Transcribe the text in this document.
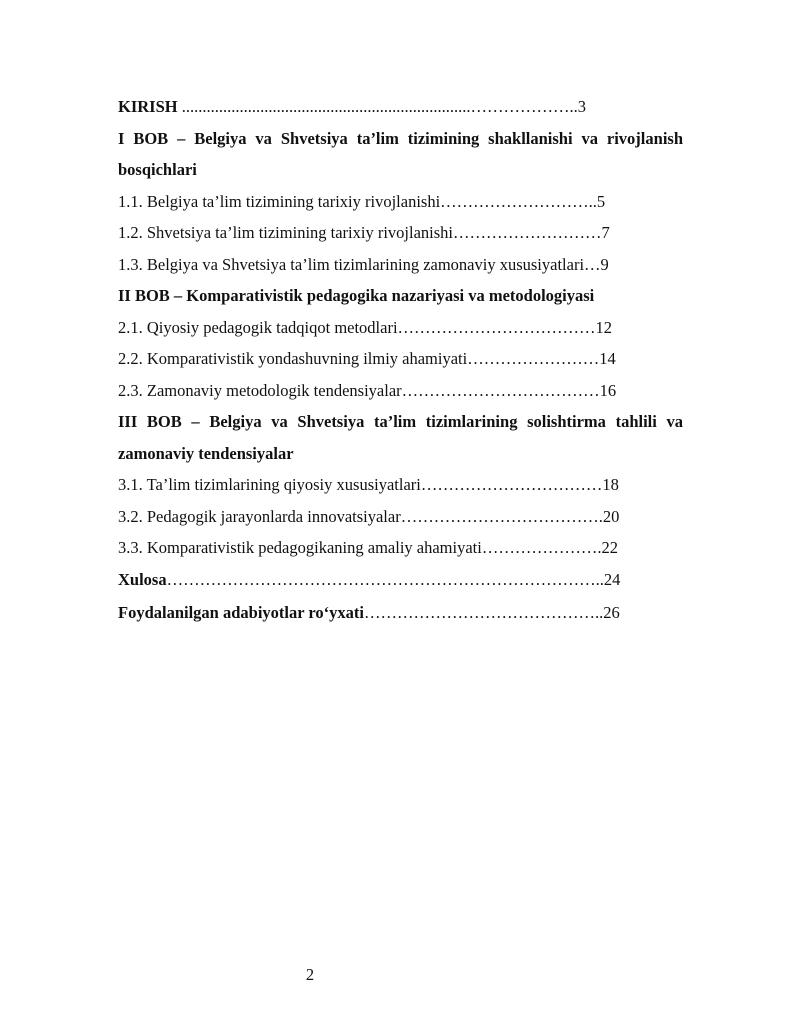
KIRISH ......................................................................………………..3
I BOB – Belgiya va Shvetsiya ta’lim tizimining shakllanishi va rivojlanish bosqichlari
1.1. Belgiya ta’lim tizimining tarixiy rivojlanishi………………………..5
1.2. Shvetsiya ta’lim tizimining tarixiy rivojlanishi………………………7
1.3. Belgiya va Shvetsiya ta’lim tizimlarining zamonaviy xususiyatlari…9
II BOB – Komparativistik pedagogika nazariyasi va metodologiyasi
2.1. Qiyosiy pedagogik tadqiqot metodlari………………………………12
2.2. Komparativistik yondashuvning ilmiy ahamiyati……………………14
2.3. Zamonaviy metodologik tendensiyalar………………………………16
III BOB – Belgiya va Shvetsiya ta’lim tizimlarining solishtirma tahlili va zamonaviy tendensiyalar
3.1. Ta’lim tizimlarining qiyosiy xususiyatlari……………………………18
3.2. Pedagogik jarayonlarda innovatsiyalar……………………………….20
3.3. Komparativistik pedagogikaning amaliy ahamiyati………………….22
Xulosa……………………………………………………………………..24
Foydalanilgan adabiyotlar ro‘yxati……………………………………..26
2
